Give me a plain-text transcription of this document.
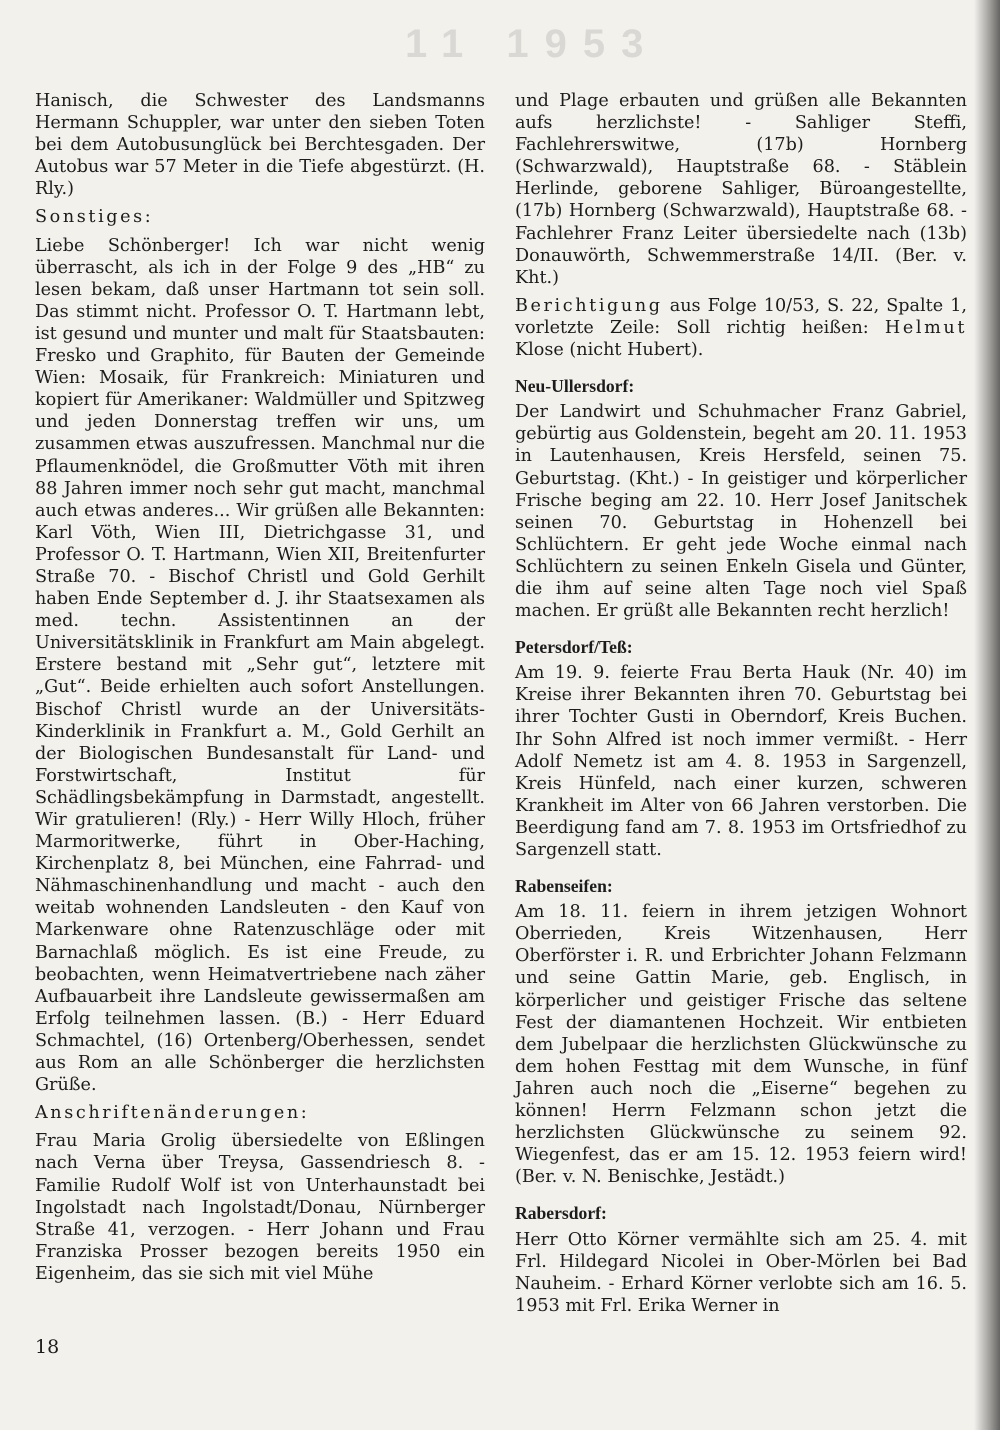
11 1953

Hanisch, die Schwester des Landsmanns Hermann Schuppler, war unter den sieben Toten bei dem Autobusunglück bei Berchtesgaden. Der Autobus war 57 Meter in die Tiefe abgestürzt. (H. Rly.)

Sonstiges:

Liebe Schönberger! Ich war nicht wenig überrascht, als ich in der Folge 9 des „HB“ zu lesen bekam, daß unser Hartmann tot sein soll. Das stimmt nicht. Professor O. T. Hartmann lebt, ist gesund und munter und malt für Staatsbauten: Fresko und Graphito, für Bauten der Gemeinde Wien: Mosaik, für Frankreich: Miniaturen und kopiert für Amerikaner: Waldmüller und Spitzweg und jeden Donnerstag treffen wir uns, um zusammen etwas auszufressen. Manchmal nur die Pflaumenknödel, die Großmutter Vöth mit ihren 88 Jahren immer noch sehr gut macht, manchmal auch etwas anderes... Wir grüßen alle Bekannten: Karl Vöth, Wien III, Dietrichgasse 31, und Professor O. T. Hartmann, Wien XII, Breitenfurter Straße 70. - Bischof Christl und Gold Gerhilt haben Ende September d. J. ihr Staatsexamen als med. techn. Assistentinnen an der Universitätsklinik in Frankfurt am Main abgelegt. Erstere bestand mit „Sehr gut“, letztere mit „Gut“. Beide erhielten auch sofort Anstellungen. Bischof Christl wurde an der Universitäts-Kinderklinik in Frankfurt a. M., Gold Gerhilt an der Biologischen Bundesanstalt für Land- und Forstwirtschaft, Institut für Schädlingsbekämpfung in Darmstadt, angestellt. Wir gratulieren! (Rly.) - Herr Willy Hloch, früher Marmoritwerke, führt in Ober-Haching, Kirchenplatz 8, bei München, eine Fahrrad- und Nähmaschinenhandlung und macht - auch den weitab wohnenden Landsleuten - den Kauf von Markenware ohne Ratenzuschläge oder mit Barnachlaß möglich. Es ist eine Freude, zu beobachten, wenn Heimatvertriebene nach zäher Aufbauarbeit ihre Landsleute gewissermaßen am Erfolg teilnehmen lassen. (B.) - Herr Eduard Schmachtel, (16) Ortenberg/Oberhessen, sendet aus Rom an alle Schönberger die herzlichsten Grüße.

Anschriftenänderungen:

Frau Maria Grolig übersiedelte von Eßlingen nach Verna über Treysa, Gassendriesch 8. - Familie Rudolf Wolf ist von Unterhaunstadt bei Ingolstadt nach Ingolstadt/Donau, Nürnberger Straße 41, verzogen. - Herr Johann und Frau Franziska Prosser bezogen bereits 1950 ein Eigenheim, das sie sich mit viel Mühe

und Plage erbauten und grüßen alle Bekannten aufs herzlichste! - Sahliger Steffi, Fachlehrerswitwe, (17b) Hornberg (Schwarzwald), Hauptstraße 68. - Stäblein Herlinde, geborene Sahliger, Büroangestellte, (17b) Hornberg (Schwarzwald), Hauptstraße 68. - Fachlehrer Franz Leiter übersiedelte nach (13b) Donauwörth, Schwemmerstraße 14/II. (Ber. v. Kht.)

Berichtigung aus Folge 10/53, S. 22, Spalte 1, vorletzte Zeile: Soll richtig heißen: Helmut Klose (nicht Hubert).

Neu-Ullersdorf:

Der Landwirt und Schuhmacher Franz Gabriel, gebürtig aus Goldenstein, begeht am 20. 11. 1953 in Lautenhausen, Kreis Hersfeld, seinen 75. Geburtstag. (Kht.) - In geistiger und körperlicher Frische beging am 22. 10. Herr Josef Janitschek seinen 70. Geburtstag in Hohenzell bei Schlüchtern. Er geht jede Woche einmal nach Schlüchtern zu seinen Enkeln Gisela und Günter, die ihm auf seine alten Tage noch viel Spaß machen. Er grüßt alle Bekannten recht herzlich!

Petersdorf/Teß:

Am 19. 9. feierte Frau Berta Hauk (Nr. 40) im Kreise ihrer Bekannten ihren 70. Geburtstag bei ihrer Tochter Gusti in Oberndorf, Kreis Buchen. Ihr Sohn Alfred ist noch immer vermißt. - Herr Adolf Nemetz ist am 4. 8. 1953 in Sargenzell, Kreis Hünfeld, nach einer kurzen, schweren Krankheit im Alter von 66 Jahren verstorben. Die Beerdigung fand am 7. 8. 1953 im Ortsfriedhof zu Sargenzell statt.

Rabenseifen:

Am 18. 11. feiern in ihrem jetzigen Wohnort Oberrieden, Kreis Witzenhausen, Herr Oberförster i. R. und Erbrichter Johann Felzmann und seine Gattin Marie, geb. Englisch, in körperlicher und geistiger Frische das seltene Fest der diamantenen Hochzeit. Wir entbieten dem Jubelpaar die herzlichsten Glückwünsche zu dem hohen Festtag mit dem Wunsche, in fünf Jahren auch noch die „Eiserne“ begehen zu können! Herrn Felzmann schon jetzt die herzlichsten Glückwünsche zu seinem 92. Wiegenfest, das er am 15. 12. 1953 feiern wird! (Ber. v. N. Benischke, Jestädt.)

Rabersdorf:

Herr Otto Körner vermählte sich am 25. 4. mit Frl. Hildegard Nicolei in Ober-Mörlen bei Bad Nauheim. - Erhard Körner verlobte sich am 16. 5. 1953 mit Frl. Erika Werner in

18
